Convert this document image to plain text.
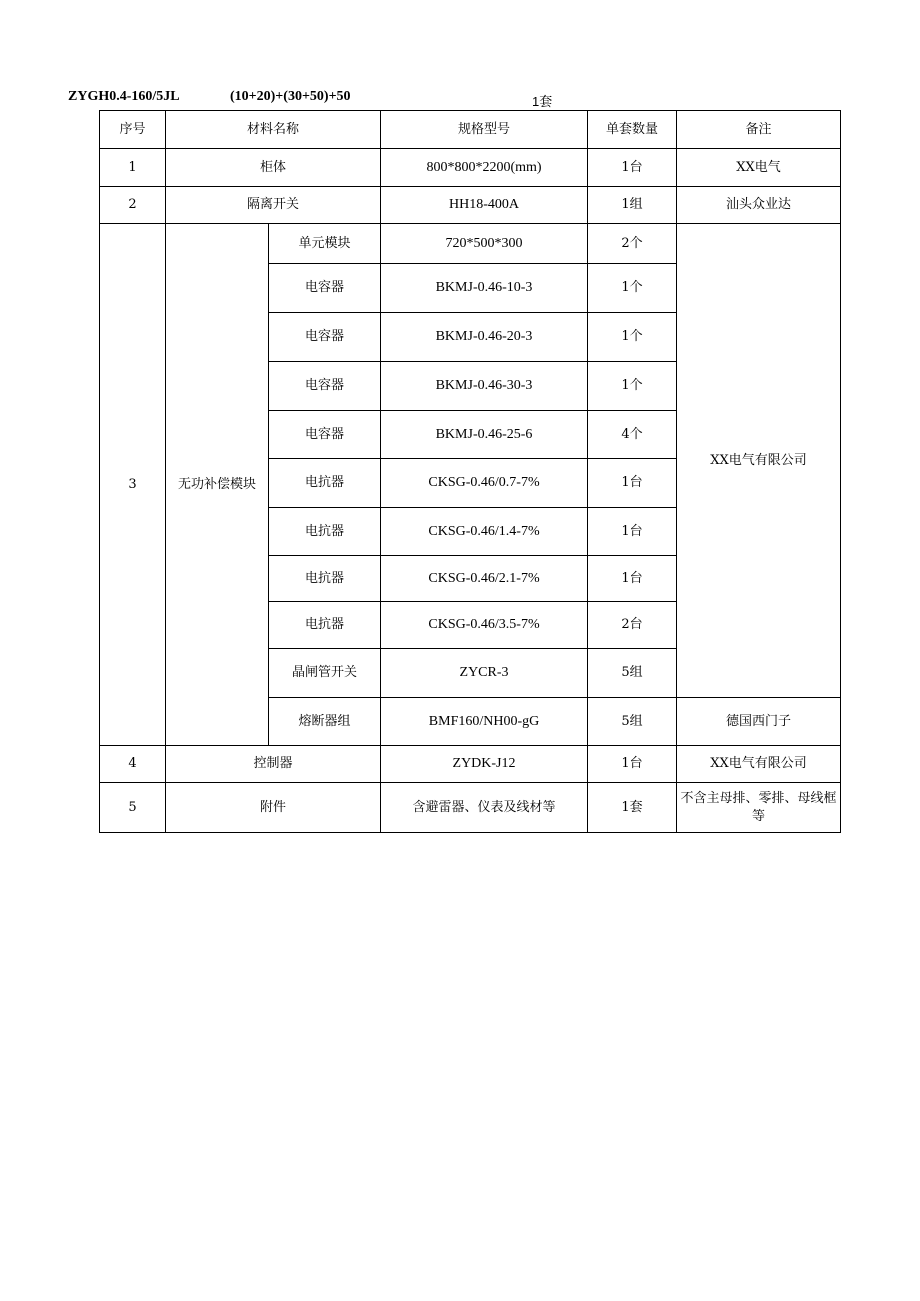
ZYGH0.4-160/5JL	(10+20)+(30+50)+50	1套
序号	材料名称		规格型号	单套数量	备注
1	柜体		800*800*2200(mm)	1台	XX电气
2	隔离开关		HH18-400A	1组	汕头众业达
3	无功补偿模块	单元模块	720*500*300	2个	XX电气有限公司
		电容器	BKMJ-0.46-10-3	1个	
		电容器	BKMJ-0.46-20-3	1个	
		电容器	BKMJ-0.46-30-3	1个	
		电容器	BKMJ-0.46-25-6	4个	
		电抗器	CKSG-0.46/0.7-7%	1台	
		电抗器	CKSG-0.46/1.4-7%	1台	
		电抗器	CKSG-0.46/2.1-7%	1台	
		电抗器	CKSG-0.46/3.5-7%	2台	
		晶闸管开关	ZYCR-3	5组	
		熔断器组	BMF160/NH00-gG	5组	德国西门子
4	控制器		ZYDK-J12	1台	XX电气有限公司
5	附件		含避雷器、仪表及线材等	1套	不含主母排、零排、母线框等
